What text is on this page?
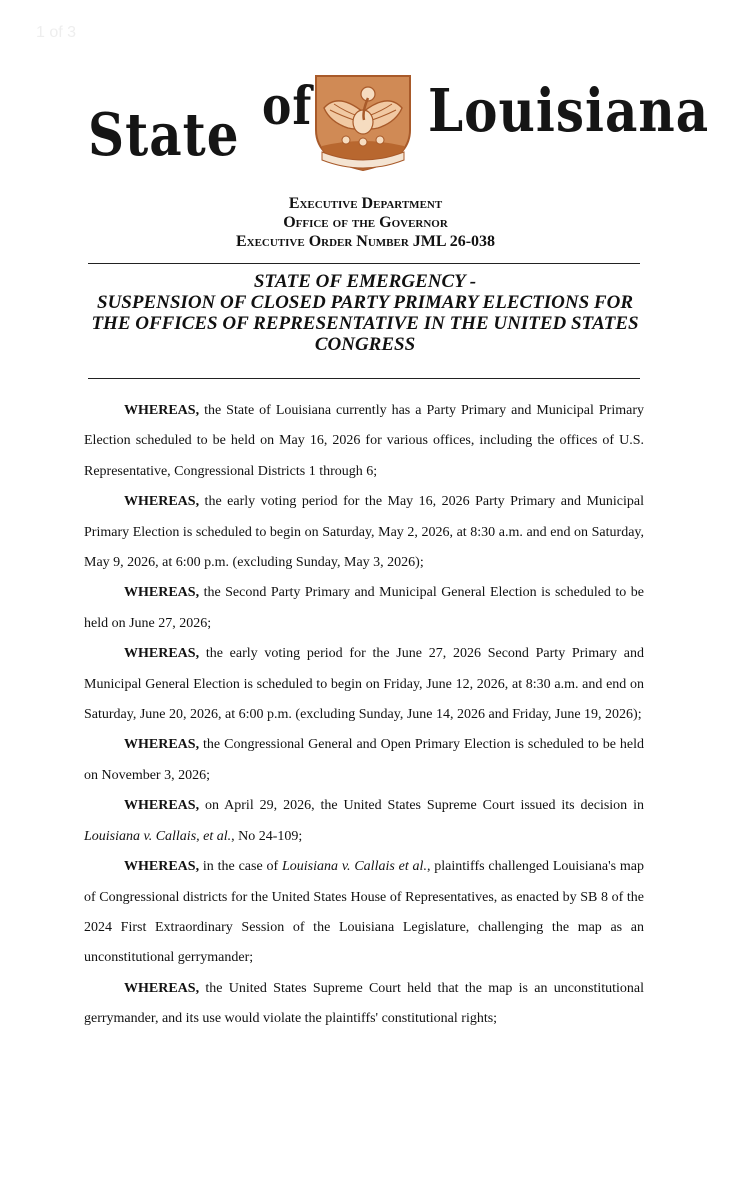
1 of 3
State of Louisiana
Executive Department
Office of the Governor
Executive Order Number JML 26-038
STATE OF EMERGENCY -
SUSPENSION OF CLOSED PARTY PRIMARY ELECTIONS FOR
THE OFFICES OF REPRESENTATIVE IN THE UNITED STATES
CONGRESS

WHEREAS, the State of Louisiana currently has a Party Primary and Municipal Primary Election scheduled to be held on May 16, 2026 for various offices, including the offices of U.S. Representative, Congressional Districts 1 through 6;

WHEREAS, the early voting period for the May 16, 2026 Party Primary and Municipal Primary Election is scheduled to begin on Saturday, May 2, 2026, at 8:30 a.m. and end on Saturday, May 9, 2026, at 6:00 p.m. (excluding Sunday, May 3, 2026);

WHEREAS, the Second Party Primary and Municipal General Election is scheduled to be held on June 27, 2026;

WHEREAS, the early voting period for the June 27, 2026 Second Party Primary and Municipal General Election is scheduled to begin on Friday, June 12, 2026, at 8:30 a.m. and end on Saturday, June 20, 2026, at 6:00 p.m. (excluding Sunday, June 14, 2026 and Friday, June 19, 2026);

WHEREAS, the Congressional General and Open Primary Election is scheduled to be held on November 3, 2026;

WHEREAS, on April 29, 2026, the United States Supreme Court issued its decision in Louisiana v. Callais, et al., No 24-109;

WHEREAS, in the case of Louisiana v. Callais et al., plaintiffs challenged Louisiana's map of Congressional districts for the United States House of Representatives, as enacted by SB 8 of the 2024 First Extraordinary Session of the Louisiana Legislature, challenging the map as an unconstitutional gerrymander;

WHEREAS, the United States Supreme Court held that the map is an unconstitutional gerrymander, and its use would violate the plaintiffs' constitutional rights;
